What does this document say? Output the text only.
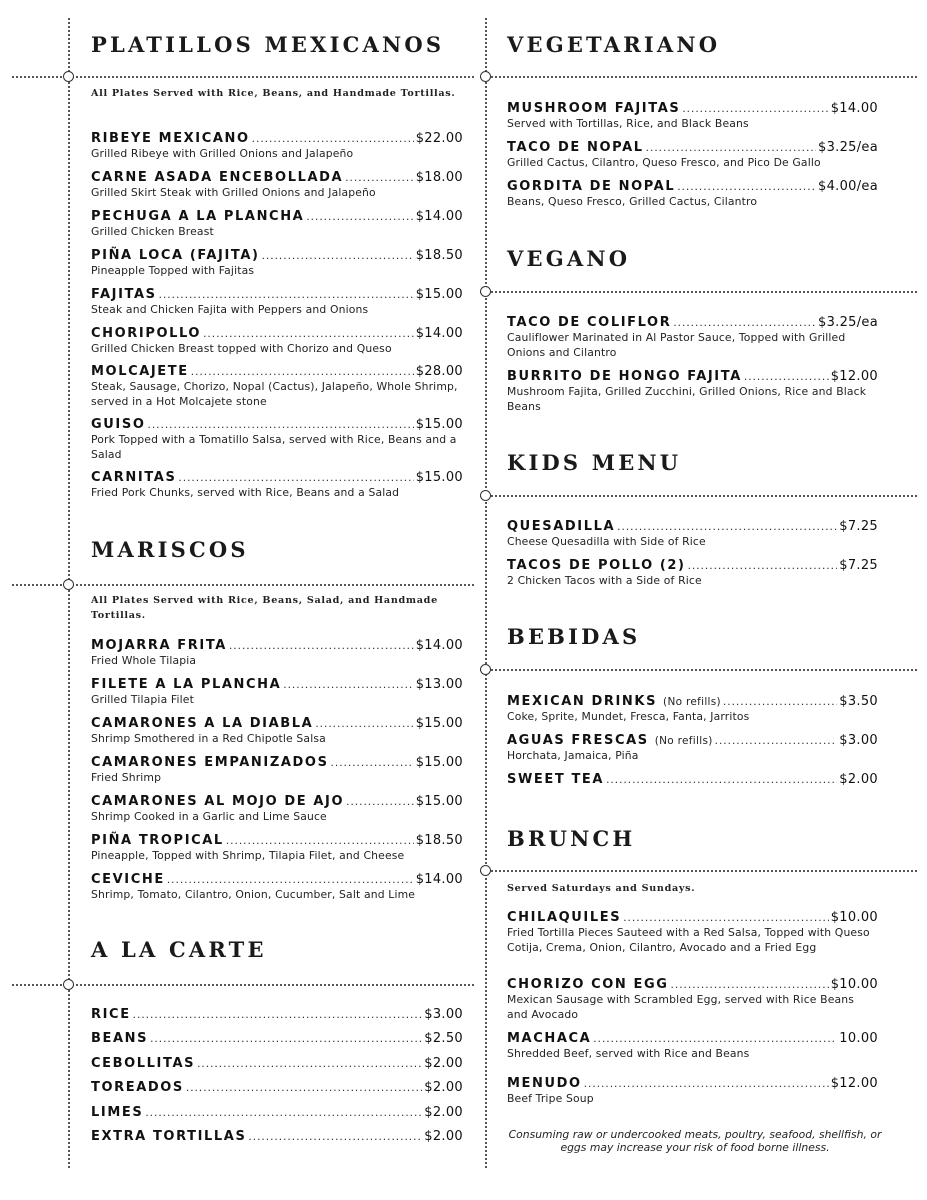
PLATILLOS MEXICANOS
All Plates Served with Rice, Beans, and Handmade Tortillas.
RIBEYE MEXICANO .....	$22.00
Grilled Ribeye with Grilled Onions and Jalapeño
CARNE ASADA ENCEBOLLADA .....	$18.00
Grilled Skirt Steak with Grilled Onions and Jalapeño
PECHUGA A LA PLANCHA .....	$14.00
Grilled Chicken Breast
PIÑA LOCA (FAJITA) .....	$18.50
Pineapple Topped with Fajitas
FAJITAS .....	$15.00
Steak and Chicken Fajita with Peppers and Onions
CHORIPOLLO .....	$14.00
Grilled Chicken Breast topped with Chorizo and Queso
MOLCAJETE .....	$28.00
Steak, Sausage, Chorizo, Nopal (Cactus), Jalapeño, Whole Shrimp, served in a Hot Molcajete stone
GUISO .....	$15.00
Pork Topped with a Tomatillo Salsa, served with Rice, Beans and a Salad
CARNITAS .....	$15.00
Fried Pork Chunks, served with Rice, Beans and a Salad
MARISCOS
All Plates Served with Rice, Beans, Salad, and Handmade Tortillas.
MOJARRA FRITA .....	$14.00
Fried Whole Tilapia
FILETE A LA PLANCHA .....	$13.00
Grilled Tilapia Filet
CAMARONES A LA DIABLA .....	$15.00
Shrimp Smothered in a Red Chipotle Salsa
CAMARONES EMPANIZADOS .....	$15.00
Fried Shrimp
CAMARONES AL MOJO DE AJO .....	$15.00
Shrimp Cooked in a Garlic and Lime Sauce
PIÑA TROPICAL .....	$18.50
Pineapple, Topped with Shrimp, Tilapia Filet, and Cheese
CEVICHE .....	$14.00
Shrimp, Tomato, Cilantro, Onion, Cucumber, Salt and Lime
A LA CARTE
RICE .....	$3.00
BEANS .....	$2.50
CEBOLLITAS .....	$2.00
TOREADOS .....	$2.00
LIMES .....	$2.00
EXTRA TORTILLAS .....	$2.00
VEGETARIANO
MUSHROOM FAJITAS .....	$14.00
Served with Tortillas, Rice, and Black Beans
TACO DE NOPAL .....	$3.25/ea
Grilled Cactus, Cilantro, Queso Fresco, and Pico De Gallo
GORDITA DE NOPAL .....	$4.00/ea
Beans, Queso Fresco, Grilled Cactus, Cilantro
VEGANO
TACO DE COLIFLOR .....	$3.25/ea
Cauliflower Marinated in Al Pastor Sauce, Topped with Grilled Onions and Cilantro
BURRITO DE HONGO FAJITA .....	$12.00
Mushroom Fajita, Grilled Zucchini, Grilled Onions, Rice and Black Beans
KIDS MENU
QUESADILLA .....	$7.25
Cheese Quesadilla with Side of Rice
TACOS DE POLLO (2) .....	$7.25
2 Chicken Tacos with a Side of Rice
BEBIDAS
MEXICAN DRINKS (No refills) .....	$3.50
Coke, Sprite, Mundet, Fresca, Fanta, Jarritos
AGUAS FRESCAS (No refills) .....	$3.00
Horchata, Jamaica, Piña
SWEET TEA .....	$2.00
BRUNCH
Served Saturdays and Sundays.
CHILAQUILES .....	$10.00
Fried Tortilla Pieces Sauteed with a Red Salsa, Topped with Queso Cotija, Crema, Onion, Cilantro, Avocado and a Fried Egg
CHORIZO CON EGG .....	$10.00
Mexican Sausage with Scrambled Egg, served with Rice Beans and Avocado
MACHACA .....	10.00
Shredded Beef, served with Rice and Beans
MENUDO .....	$12.00
Beef Tripe Soup
Consuming raw or undercooked meats, poultry, seafood, shellfish, or eggs may increase your risk of food borne illness.
